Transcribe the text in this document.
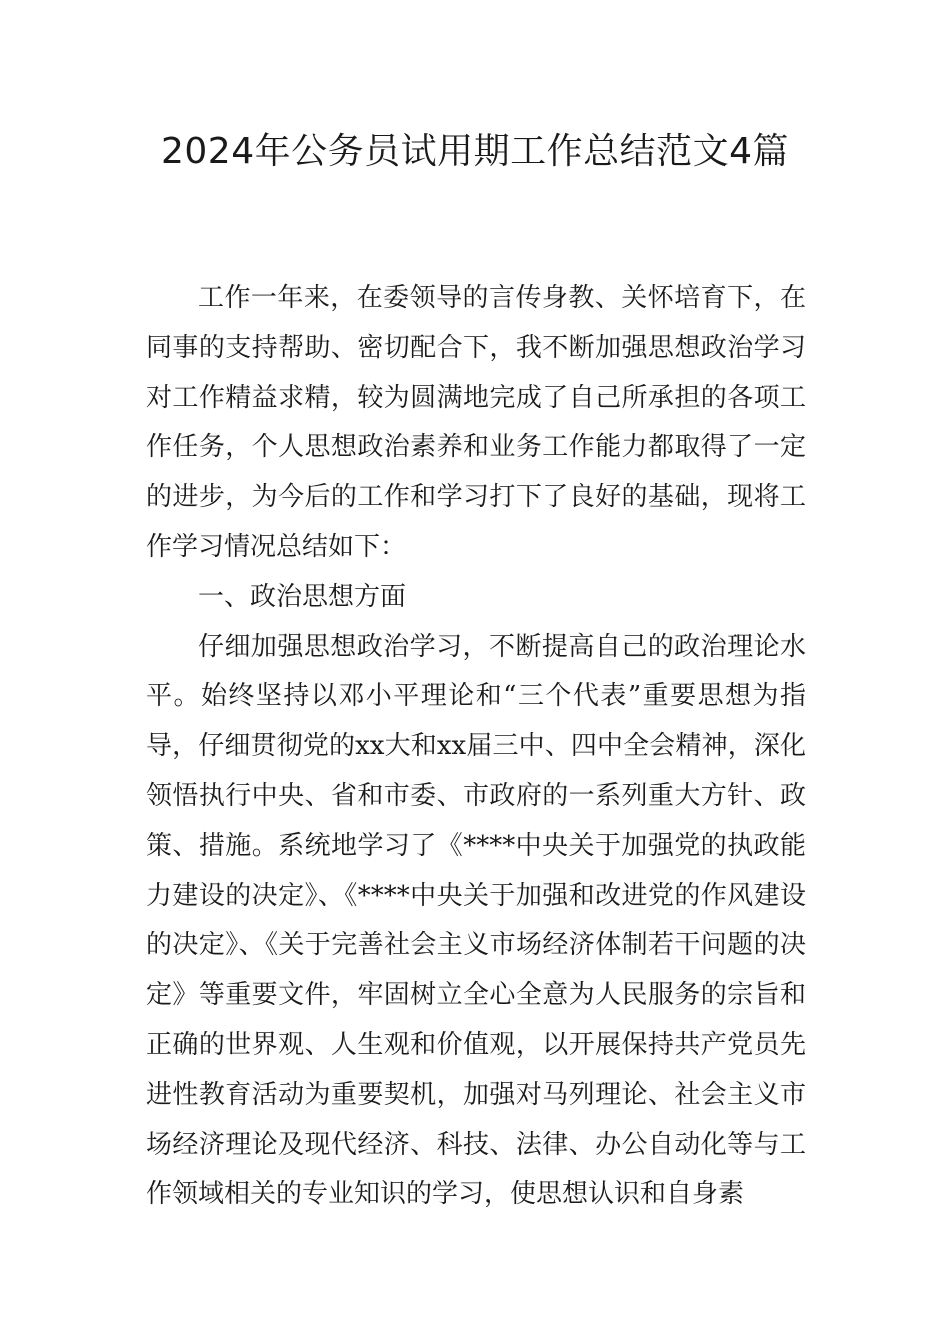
2024年公务员试用期工作总结范文4篇

工作一年来，在委领导的言传身教、关怀培育下，在同事的支持帮助、密切配合下，我不断加强思想政治学习对工作精益求精，较为圆满地完成了自己所承担的各项工作任务，个人思想政治素养和业务工作能力都取得了一定的进步，为今后的工作和学习打下了良好的基础，现将工作学习情况总结如下：

一、政治思想方面

仔细加强思想政治学习，不断提高自己的政治理论水平。始终坚持以邓小平理论和“三个代表”重要思想为指导，仔细贯彻党的xx大和xx届三中、四中全会精神，深化领悟执行中央、省和市委、市政府的一系列重大方针、政策、措施。系统地学习了《****中央关于加强党的执政能力建设的决定》、《****中央关于加强和改进党的作风建设的决定》、《关于完善社会主义市场经济体制若干问题的决定》等重要文件，牢固树立全心全意为人民服务的宗旨和正确的世界观、人生观和价值观，以开展保持共产党员先进性教育活动为重要契机，加强对马列理论、社会主义市场经济理论及现代经济、科技、法律、办公自动化等与工作领域相关的专业知识的学习，使思想认识和自身素
